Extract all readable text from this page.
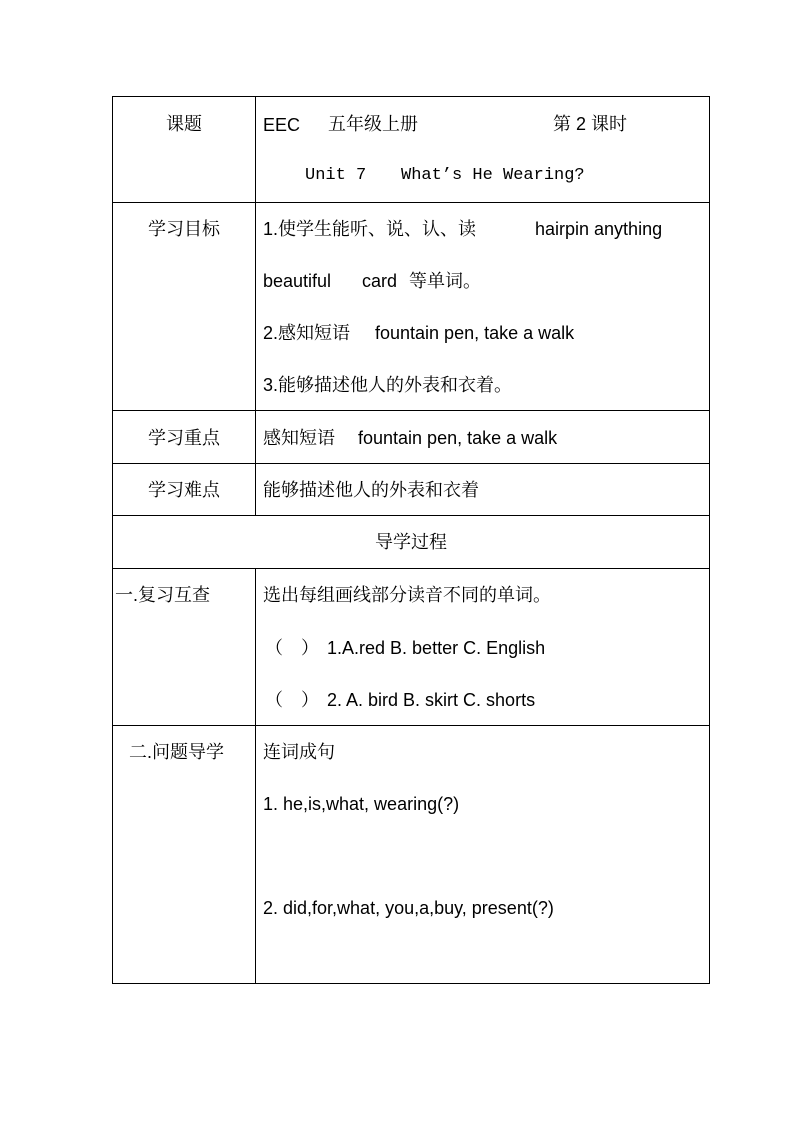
课题	EEC 五年级上册	第 2 课时
Unit 7 What’s He Wearing?
学习目标	1.使学生能听、说、认、读	hairpin anything
beautiful card 等单词。
2.感知短语 fountain pen, take a walk
3.能够描述他人的外表和衣着。
学习重点	感知短语 fountain pen, take a walk
学习难点	能够描述他人的外表和衣着
导学过程
一.复习互查	选出每组画线部分读音不同的单词。
（ ） 1.A.red B. better C. English
（ ） 2. A. bird B. skirt C. shorts
二.问题导学 连词成句
1. he,is,what, wearing(?)
2. did,for,what, you,a,buy, present(?)
